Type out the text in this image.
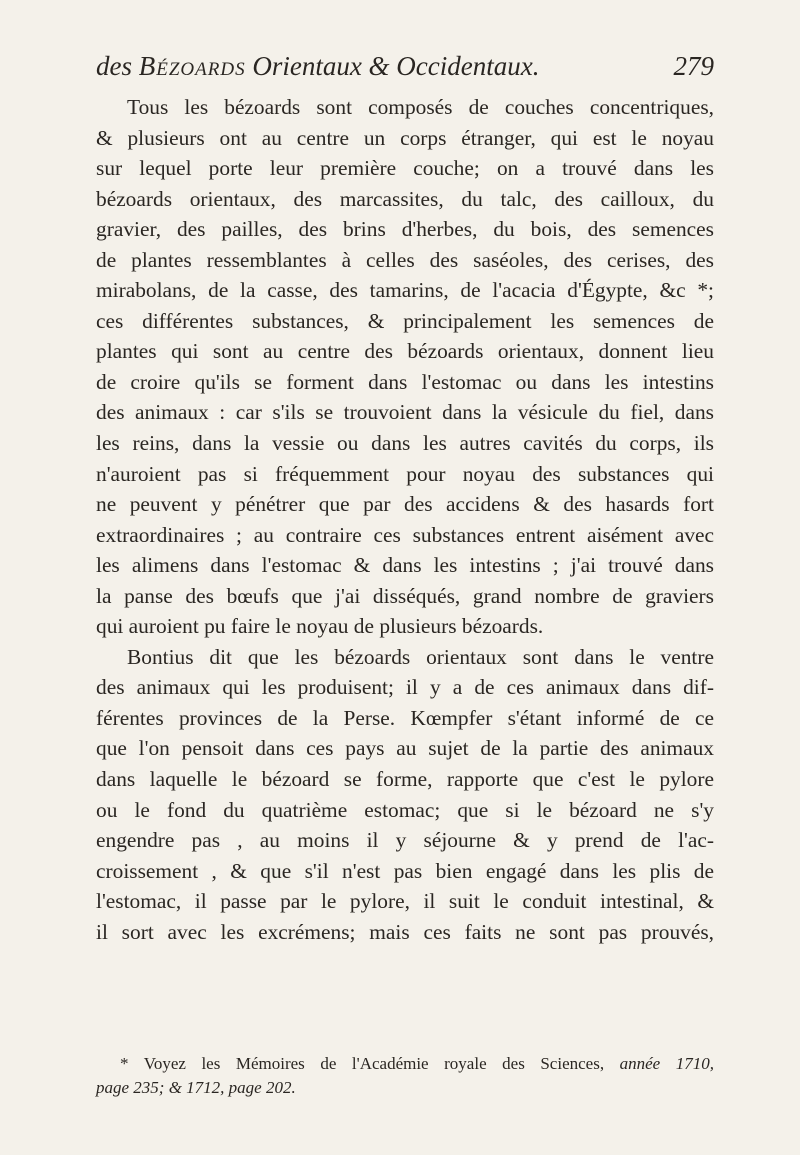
des Bézoards Orientaux & Occidentaux.	279
Tous les bézoards sont composés de couches concentriques,
& plusieurs ont au centre un corps étranger, qui est le noyau
sur lequel porte leur première couche; on a trouvé dans les
bézoards orientaux, des marcassites, du talc, des cailloux, du
gravier, des pailles, des brins d'herbes, du bois, des semences
de plantes ressemblantes à celles des saséoles, des cerises, des
mirabolans, de la casse, des tamarins, de l'acacia d'Égypte, &c *;
ces différentes substances, & principalement les semences de
plantes qui sont au centre des bézoards orientaux, donnent lieu
de croire qu'ils se forment dans l'estomac ou dans les intestins
des animaux : car s'ils se trouvoient dans la vésicule du fiel, dans
les reins, dans la vessie ou dans les autres cavités du corps, ils
n'auroient pas si fréquemment pour noyau des substances qui
ne peuvent y pénétrer que par des accidens & des hasards fort
extraordinaires ; au contraire ces substances entrent aisément avec
les alimens dans l'estomac & dans les intestins ; j'ai trouvé dans
la panse des bœufs que j'ai disséqués, grand nombre de graviers
qui auroient pu faire le noyau de plusieurs bézoards.
Bontius dit que les bézoards orientaux sont dans le ventre
des animaux qui les produisent; il y a de ces animaux dans dif-
férentes provinces de la Perse. Kœmpfer s'étant informé de ce
que l'on pensoit dans ces pays au sujet de la partie des animaux
dans laquelle le bézoard se forme, rapporte que c'est le pylore
ou le fond du quatrième estomac; que si le bézoard ne s'y
engendre pas , au moins il y séjourne & y prend de l'ac-
croissement , & que s'il n'est pas bien engagé dans les plis de
l'estomac, il passe par le pylore, il suit le conduit intestinal, &
il sort avec les excrémens; mais ces faits ne sont pas prouvés,
* Voyez les Mémoires de l'Académie royale des Sciences, année 1710,
page 235; & 1712, page 202.
